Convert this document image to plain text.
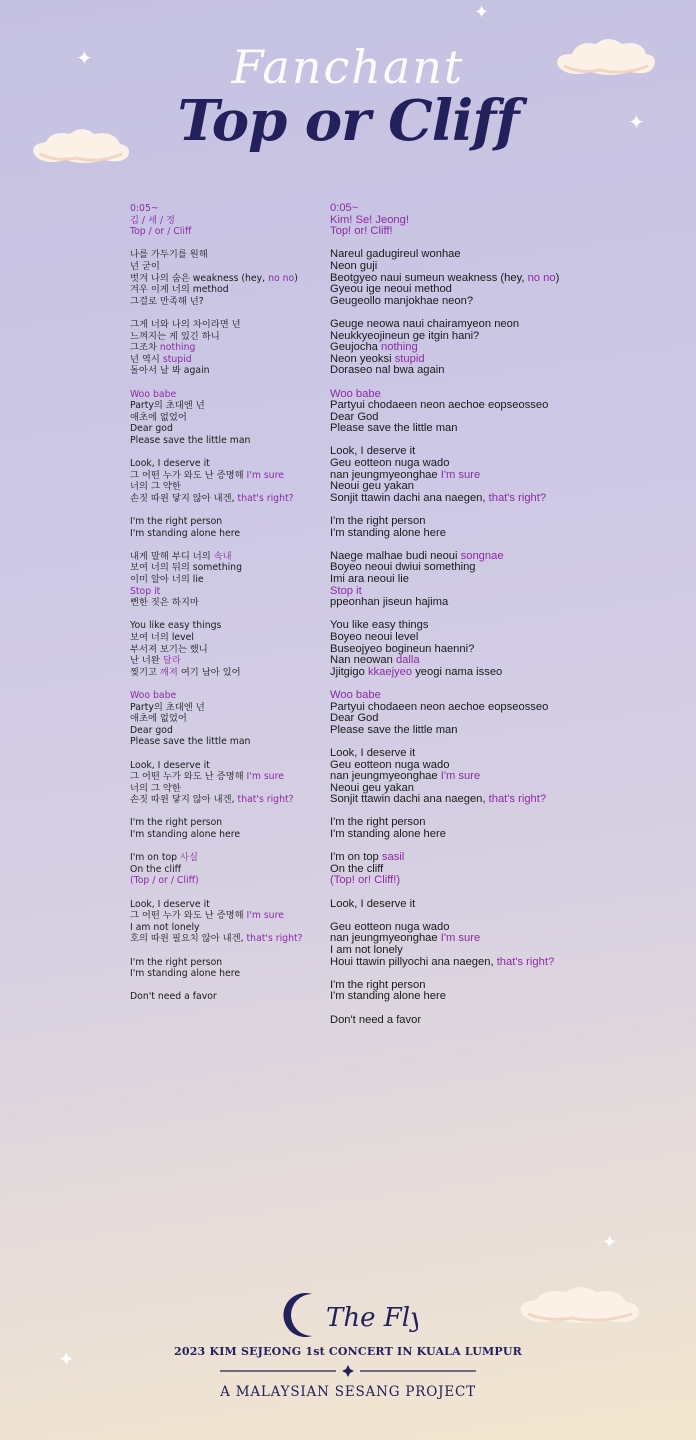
✦
✦
✦
✦
✦
Fanchant
Top or Cliff
0:05~
김 / 세 / 정
Top / or / Cliff
나를 가두기를 원해
넌 굳이
벗겨 나의 숨은 weakness (hey, no no)
겨우 이게 너의 method
그걸로 만족해 넌?
그게 너와 나의 차이라면 넌
느껴지는 게 있긴 하니
그조차 nothing
넌 역시 stupid
돌아서 날 봐 again
Woo babe
Party의 초대엔 넌
애초에 없었어
Dear god
Please save the little man
Look, I deserve it
그 어떤 누가 와도 난 증명해 I'm sure
너의 그 약한
손짓 따윈 닿지 않아 내겐, that's right?
I'm the right person
I'm standing alone here
내게 말해 부디 너의 속내
보여 너의 뒤의 something
이미 알아 너의 lie
Stop it
뻔한 짓은 하지마
You like easy things
보여 너의 level
부서져 보기는 했니
난 너완 달라
찢기고 깨져 여기 남아 있어
Woo babe
Party의 초대엔 넌
애초에 없었어
Dear god
Please save the little man
Look, I deserve it
그 어떤 누가 와도 난 증명해 I'm sure
너의 그 약한
손짓 따윈 닿지 않아 내겐, that's right?
I'm the right person
I'm standing alone here
I'm on top 사실
On the cliff
(Top / or / Cliff)
Look, I deserve it
그 어떤 누가 와도 난 증명해 I'm sure
I am not lonely
호의 따윈 필요치 않아 내겐, that's right?
I'm the right person
I'm standing alone here
Don't need a favor
0:05~
Kim! Se! Jeong!
Top! or! Cliff!
Nareul gadugireul wonhae
Neon guji
Beotgyeo naui sumeun weakness (hey, no no)
Gyeou ige neoui method
Geugeollo manjokhae neon?
Geuge neowa naui chairamyeon neon
Neukkyeojineun ge itgin hani?
Geujocha nothing
Neon yeoksi stupid
Doraseo nal bwa again
Woo babe
Partyui chodaeen neon aechoe eopseosseo
Dear God
Please save the little man
Look, I deserve it
Geu eotteon nuga wado
nan jeungmyeonghae I'm sure
Neoui geu yakan
Sonjit ttawin dachi ana naegen, that's right?
I'm the right person
I'm standing alone here
Naege malhae budi neoui songnae
Boyeo neoui dwiui something
Imi ara neoui lie
Stop it
ppeonhan jiseun hajima
You like easy things
Boyeo neoui level
Buseojyeo bogineun haenni?
Nan neowan dalla
Jjitgigo kkaejyeo yeogi nama isseo
Woo babe
Partyui chodaeen neon aechoe eopseosseo
Dear God
Please save the little man
Look, I deserve it
Geu eotteon nuga wado
nan jeungmyeonghae I'm sure
Neoui geu yakan
Sonjit ttawin dachi ana naegen, that's right?
I'm the right person
I'm standing alone here
I'm on top sasil
On the cliff
(Top! or! Cliff!)
Look, I deserve it
Geu eotteon nuga wado
nan jeungmyeonghae I'm sure
I am not lonely
Houi ttawin pillyochi ana naegen, that's right?
I'm the right person
I'm standing alone here
Don't need a favor
The Fly
2023 KIM SEJEONG 1st CONCERT IN KUALA LUMPUR
A MALAYSIAN SESANG PROJECT
